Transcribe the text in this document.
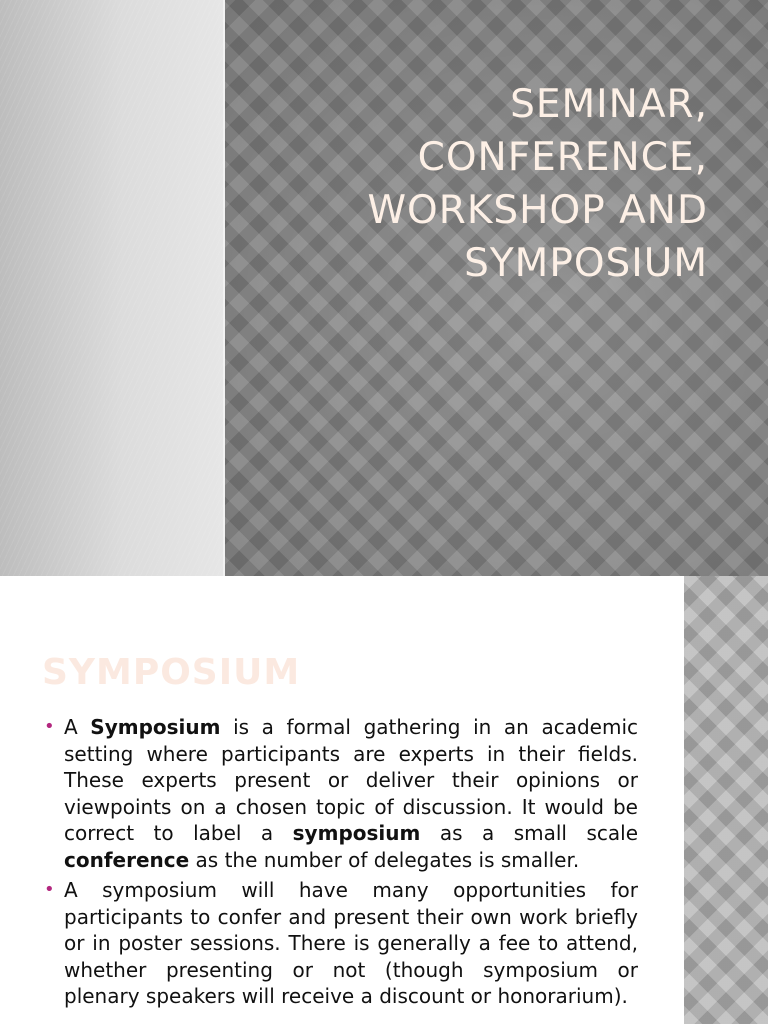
SEMINAR,
CONFERENCE,
WORKSHOP AND
SYMPOSIUM
SYMPOSIUM
• A Symposium is a formal gathering in an academic setting where participants are experts in their fields. These experts present or deliver their opinions or viewpoints on a chosen topic of discussion. It would be correct to label a symposium as a small scale conference as the number of delegates is smaller.
• A symposium will have many opportunities for participants to confer and present their own work briefly or in poster sessions. There is generally a fee to attend, whether presenting or not (though symposium or plenary speakers will receive a discount or honorarium).
